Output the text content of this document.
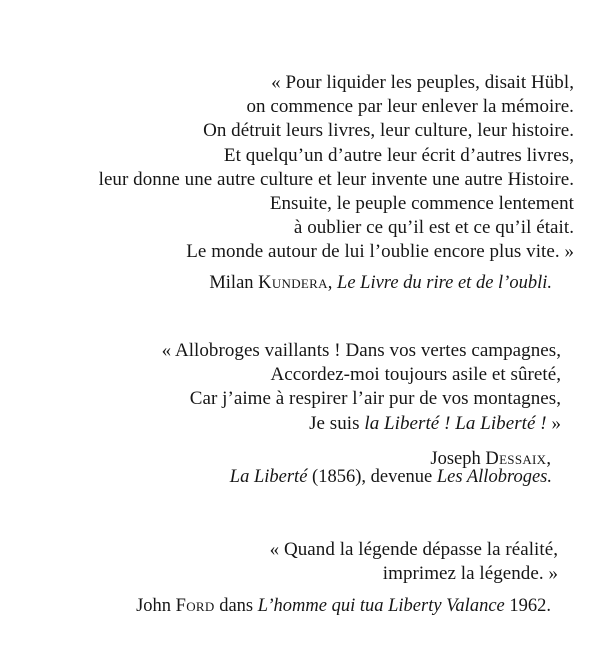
« Pour liquider les peuples, disait Hübl,
on commence par leur enlever la mémoire.
On détruit leurs livres, leur culture, leur histoire.
Et quelqu’un d’autre leur écrit d’autres livres,
leur donne une autre culture et leur invente une autre Histoire.
Ensuite, le peuple commence lentement
à oublier ce qu’il est et ce qu’il était.
Le monde autour de lui l’oublie encore plus vite. »
Milan Kundera, Le Livre du rire et de l’oubli.
« Allobroges vaillants ! Dans vos vertes campagnes,
Accordez-moi toujours asile et sûreté,
Car j’aime à respirer l’air pur de vos montagnes,
Je suis la Liberté ! La Liberté ! »
Joseph Dessaix,
La Liberté (1856), devenue Les Allobroges.
« Quand la légende dépasse la réalité,
imprimez la légende. »
John Ford dans L’homme qui tua Liberty Valance 1962.
